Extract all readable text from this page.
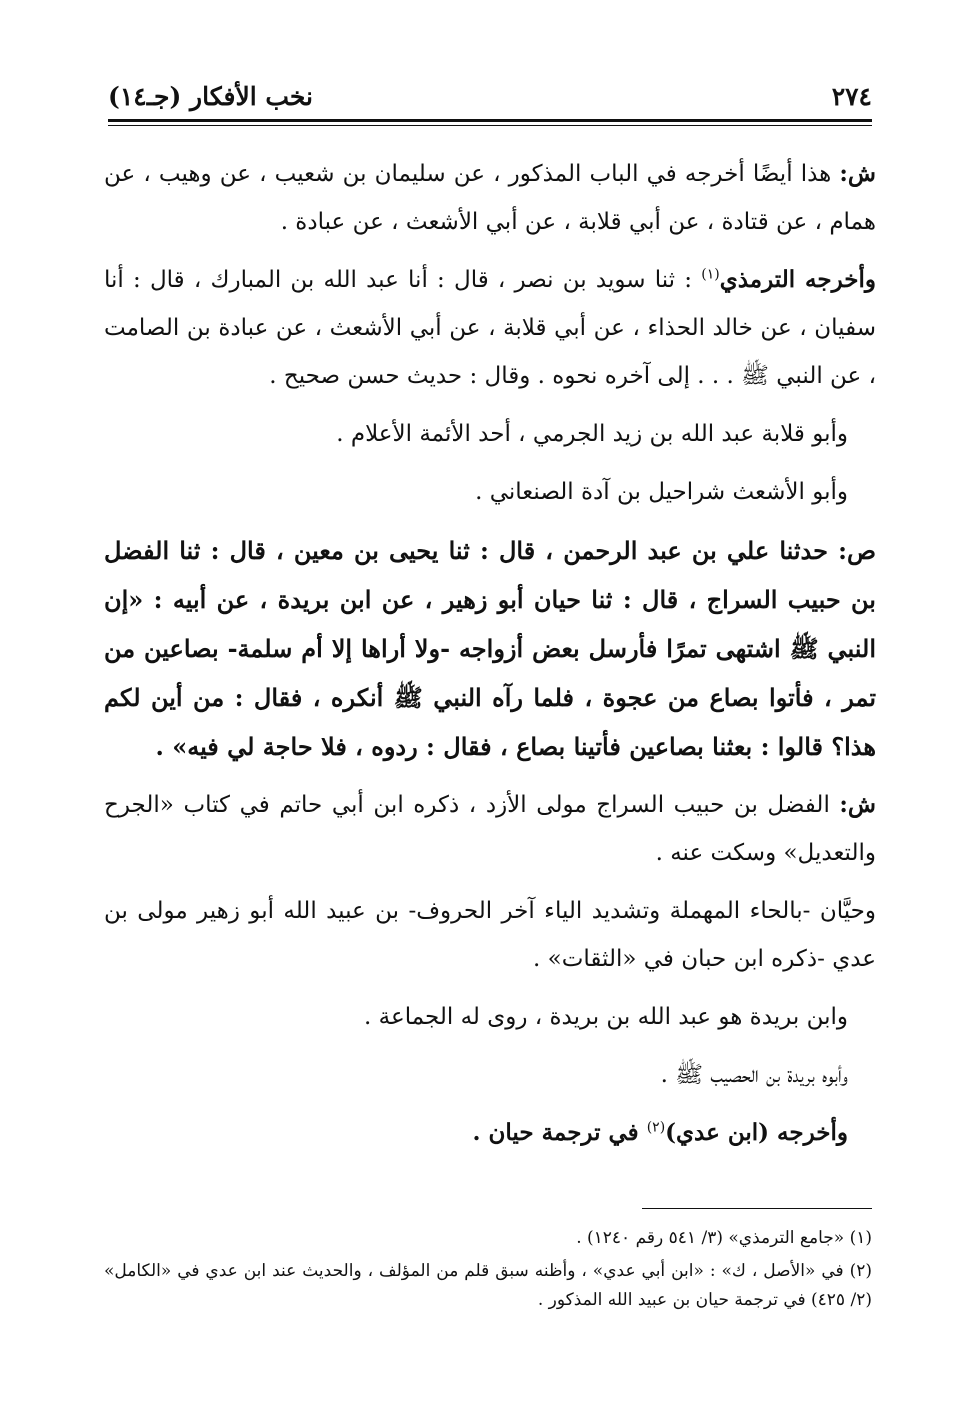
٢٧٤
نخب الأفكار (جـ١٤)

ش: هذا أيضًا أخرجه في الباب المذكور ، عن سليمان بن شعيب ، عن وهيب ، عن همام ، عن قتادة ، عن أبي قلابة ، عن أبي الأشعث ، عن عبادة .

وأخرجه الترمذي$^{(١)}$ : ثنا سويد بن نصر ، قال : أنا عبد الله بن المبارك ، قال : أنا سفيان ، عن خالد الحذاء ، عن أبي قلابة ، عن أبي الأشعث ، عن عبادة بن الصامت ، عن النبي ﷺ . . . إلى آخره نحوه . وقال : حديث حسن صحيح .

وأبو قلابة عبد الله بن زيد الجرمي ، أحد الأئمة الأعلام .

وأبو الأشعث شراحيل بن آدة الصنعاني .

ص: حدثنا علي بن عبد الرحمن ، قال : ثنا يحيى بن معين ، قال : ثنا الفضل بن حبيب السراج ، قال : ثنا حيان أبو زهير ، عن ابن بريدة ، عن أبيه : «إن النبي ﷺ اشتهى تمرًا فأرسل بعض أزواجه -ولا أراها إلا أم سلمة- بصاعين من تمر ، فأتوا بصاع من عجوة ، فلما رآه النبي ﷺ أنكره ، فقال : من أين لكم هذا؟ قالوا : بعثنا بصاعين فأتينا بصاع ، فقال : ردوه ، فلا حاجة لي فيه» .

ش: الفضل بن حبيب السراج مولى الأزد ، ذكره ابن أبي حاتم في كتاب «الجرح والتعديل» وسكت عنه .

وحيَّان -بالحاء المهملة وتشديد الياء آخر الحروف- بن عبيد الله أبو زهير مولى بن عدي -ذكره ابن حبان في «الثقات» .

وابن بريدة هو عبد الله بن بريدة ، روى له الجماعة .

وأبوه بريدة بن الحصيب ﷺ .

وأخرجه (ابن عدي)$^{(٢)}$ في ترجمة حيان .

(١) «جامع الترمذي» (٣/ ٥٤١ رقم ١٢٤٠) .

(٢) في «الأصل ، ك» : «ابن أبي عدي» ، وأظنه سبق قلم من المؤلف ، والحديث عند ابن عدي في «الكامل» (٢/ ٤٢٥) في ترجمة حيان بن عبيد الله المذكور .
